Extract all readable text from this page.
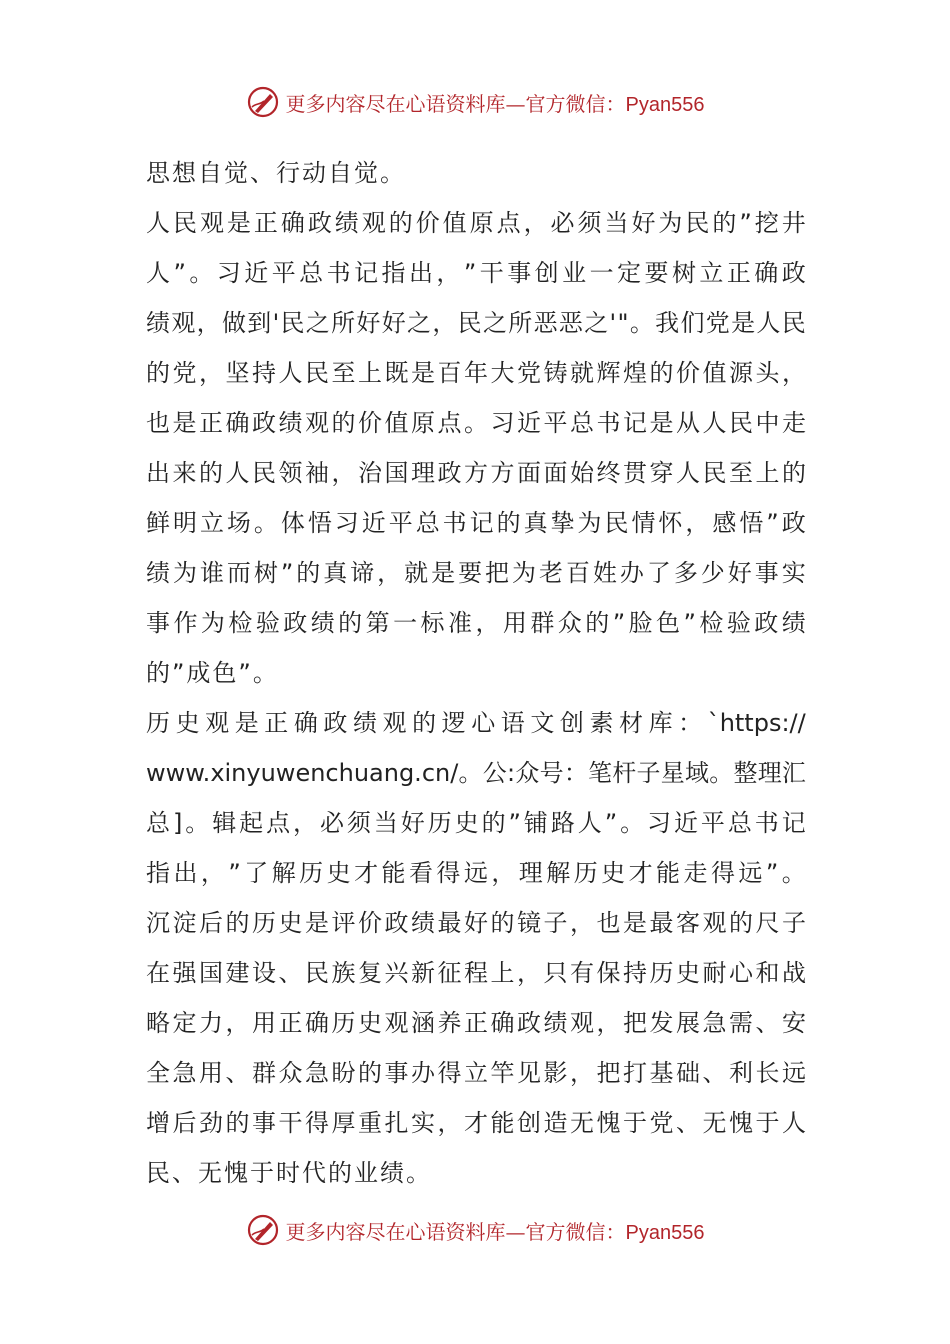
更多内容尽在心语资料库—官方微信：Pyan556
思想自觉、行动自觉。
人 民 观 是 正 确 政 绩 观 的 价 值 原 点 ， 必 须 当 好 为 民 的 ” 挖 井
人 ” 。 习 近 平 总 书 记 指 出 ， ” 干 事 创 业 一 定 要 树 立 正 确 政
绩 观 ， 做 到 ' 民 之 所 好 好 之 ， 民 之 所 恶 恶 之 ' " 。 我 们 党 是 人 民
的 党 ， 坚 持 人 民 至 上 既 是 百 年 大 党 铸 就 辉 煌 的 价 值 源 头 ，
也 是 正 确 政 绩 观 的 价 值 原 点 。 习 近 平 总 书 记 是 从 人 民 中 走
出 来 的 人 民 领 袖 ， 治 国 理 政 方 方 面 面 始 终 贯 穿 人 民 至 上 的
鲜 明 立 场 。 体 悟 习 近 平 总 书 记 的 真 挚 为 民 情 怀 ， 感 悟 ” 政
绩 为 谁 而 树 ” 的 真 谛 ， 就 是 要 把 为 老 百 姓 办 了 多 少 好 事 实
事 作 为 检 验 政 绩 的 第 一 标 准 ， 用 群 众 的 ” 脸 色 ” 检 验 政 绩
的”成色”。
历 史 观 是 正 确 政 绩 观 的 逻 心 语 文 创 素 材 库 ： `https://
www.xinyuwenchuang.cn/ 。 公 : 众 号 ： 笔 杆 子 星 域 。 整 理 汇
总 ] 。 辑 起 点 ， 必 须 当 好 历 史 的 ” 铺 路 人 ” 。 习 近 平 总 书 记
指 出 ， ” 了 解 历 史 才 能 看 得 远 ， 理 解 历 史 才 能 走 得 远 ” 。
沉 淀 后 的 历 史 是 评 价 政 绩 最 好 的 镜 子 ， 也 是 最 客 观 的 尺 子
在 强 国 建 设 、 民 族 复 兴 新 征 程 上 ， 只 有 保 持 历 史 耐 心 和 战
略 定 力 ， 用 正 确 历 史 观 涵 养 正 确 政 绩 观 ， 把 发 展 急 需 、 安
全 急 用 、 群 众 急 盼 的 事 办 得 立 竿 见 影 ， 把 打 基 础 、 利 长 远
增 后 劲 的 事 干 得 厚 重 扎 实 ， 才 能 创 造 无 愧 于 党 、 无 愧 于 人
民、无愧于时代的业绩。
更多内容尽在心语资料库—官方微信：Pyan556
